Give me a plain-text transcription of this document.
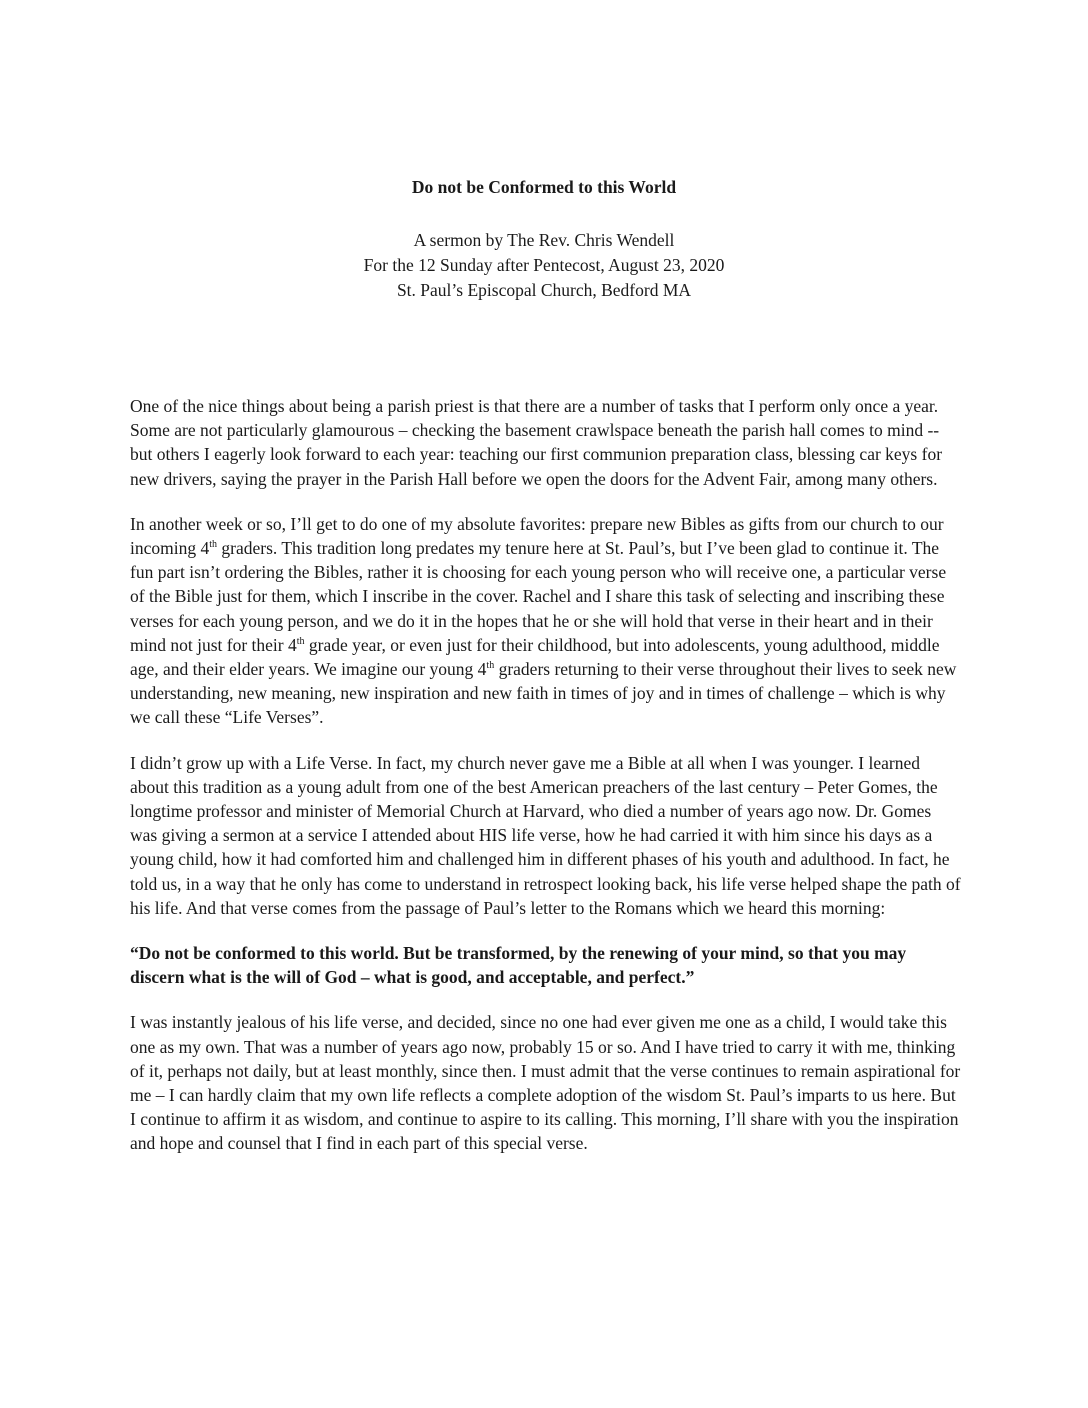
Do not be Conformed to this World
A sermon by The Rev. Chris Wendell
For the 12 Sunday after Pentecost, August 23, 2020
St. Paul’s Episcopal Church, Bedford MA

One of the nice things about being a parish priest is that there are a number of tasks that I perform only once a year. Some are not particularly glamourous – checking the basement crawlspace beneath the parish hall comes to mind -- but others I eagerly look forward to each year: teaching our first communion preparation class, blessing car keys for new drivers, saying the prayer in the Parish Hall before we open the doors for the Advent Fair, among many others.

In another week or so, I’ll get to do one of my absolute favorites: prepare new Bibles as gifts from our church to our incoming 4th graders. This tradition long predates my tenure here at St. Paul’s, but I’ve been glad to continue it. The fun part isn’t ordering the Bibles, rather it is choosing for each young person who will receive one, a particular verse of the Bible just for them, which I inscribe in the cover. Rachel and I share this task of selecting and inscribing these verses for each young person, and we do it in the hopes that he or she will hold that verse in their heart and in their mind not just for their 4th grade year, or even just for their childhood, but into adolescents, young adulthood, middle age, and their elder years. We imagine our young 4th graders returning to their verse throughout their lives to seek new understanding, new meaning, new inspiration and new faith in times of joy and in times of challenge – which is why we call these “Life Verses”.

I didn’t grow up with a Life Verse. In fact, my church never gave me a Bible at all when I was younger. I learned about this tradition as a young adult from one of the best American preachers of the last century – Peter Gomes, the longtime professor and minister of Memorial Church at Harvard, who died a number of years ago now. Dr. Gomes was giving a sermon at a service I attended about HIS life verse, how he had carried it with him since his days as a young child, how it had comforted him and challenged him in different phases of his youth and adulthood. In fact, he told us, in a way that he only has come to understand in retrospect looking back, his life verse helped shape the path of his life. And that verse comes from the passage of Paul’s letter to the Romans which we heard this morning:

“Do not be conformed to this world. But be transformed, by the renewing of your mind, so that you may discern what is the will of God – what is good, and acceptable, and perfect.”

I was instantly jealous of his life verse, and decided, since no one had ever given me one as a child, I would take this one as my own. That was a number of years ago now, probably 15 or so. And I have tried to carry it with me, thinking of it, perhaps not daily, but at least monthly, since then. I must admit that the verse continues to remain aspirational for me – I can hardly claim that my own life reflects a complete adoption of the wisdom St. Paul’s imparts to us here. But I continue to affirm it as wisdom, and continue to aspire to its calling. This morning, I’ll share with you the inspiration and hope and counsel that I find in each part of this special verse.
